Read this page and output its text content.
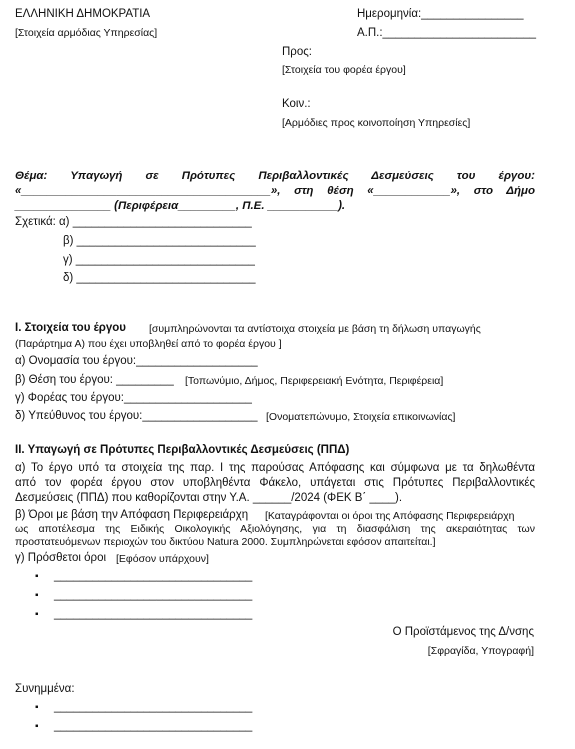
ΕΛΛΗΝΙΚΗ ΔΗΜΟΚΡΑΤΙΑ
[Στοιχεία αρμόδιας Υπηρεσίας]
Ημερομηνία:________________
Α.Π.:________________________
Προς:
[Στοιχεία του φορέα έργου]
Κοιν.:
[Αρμόδιες προς κοινοποίηση Υπηρεσίες]
Θέμα: Υπαγωγή σε Πρότυπες Περιβαλλοντικές Δεσμεύσεις του έργου:
«_______________________________________», στη θέση «____________», στο Δήμο
_______________ (Περιφέρεια_________, Π.Ε. ___________).
Σχετικά: α) ____________________________
β) ____________________________
γ) ____________________________
δ) ____________________________
Ι. Στοιχεία του έργου [συμπληρώνονται τα αντίστοιχα στοιχεία με βάση τη δήλωση υπαγωγής
(Παράρτημα Α) που έχει υποβληθεί από το φορέα έργου ]
α) Ονομασία του έργου:___________________
β) Θέση του έργου: _________ [Τοπωνύμιο, Δήμος, Περιφερειακή Ενότητα, Περιφέρεια]
γ) Φορέας του έργου:____________________
δ) Υπεύθυνος του έργου:__________________ [Ονοματεπώνυμο, Στοιχεία επικοινωνίας]
ΙΙ. Υπαγωγή σε Πρότυπες Περιβαλλοντικές Δεσμεύσεις (ΠΠΔ)
α) Το έργο υπό τα στοιχεία της παρ. Ι της παρούσας Απόφασης και σύμφωνα με τα δηλωθέντα
από τον φορέα έργου στον υποβληθέντα Φάκελο, υπάγεται στις Πρότυπες Περιβαλλοντικές
Δεσμεύσεις (ΠΠΔ) που καθορίζονται στην Υ.Α. ______/2024 (ΦΕΚ Β΄ ____).
β) Όροι με βάση την Απόφαση Περιφερειάρχη [Καταγράφονται οι όροι της Απόφασης Περιφερειάρχη
ως αποτέλεσμα της Ειδικής Οικολογικής Αξιολόγησης, για τη διασφάλιση της ακεραιότητας των
προστατευόμενων περιοχών του δικτύου Natura 2000. Συμπληρώνεται εφόσον απαιτείται.]
γ) Πρόσθετοι όροι [Εφόσον υπάρχουν]
▪ _______________________________
▪ _______________________________
▪ _______________________________
Ο Προϊστάμενος της Δ/νσης
[Σφραγίδα, Υπογραφή]
Συνημμένα:
▪ _______________________________
▪ _______________________________
